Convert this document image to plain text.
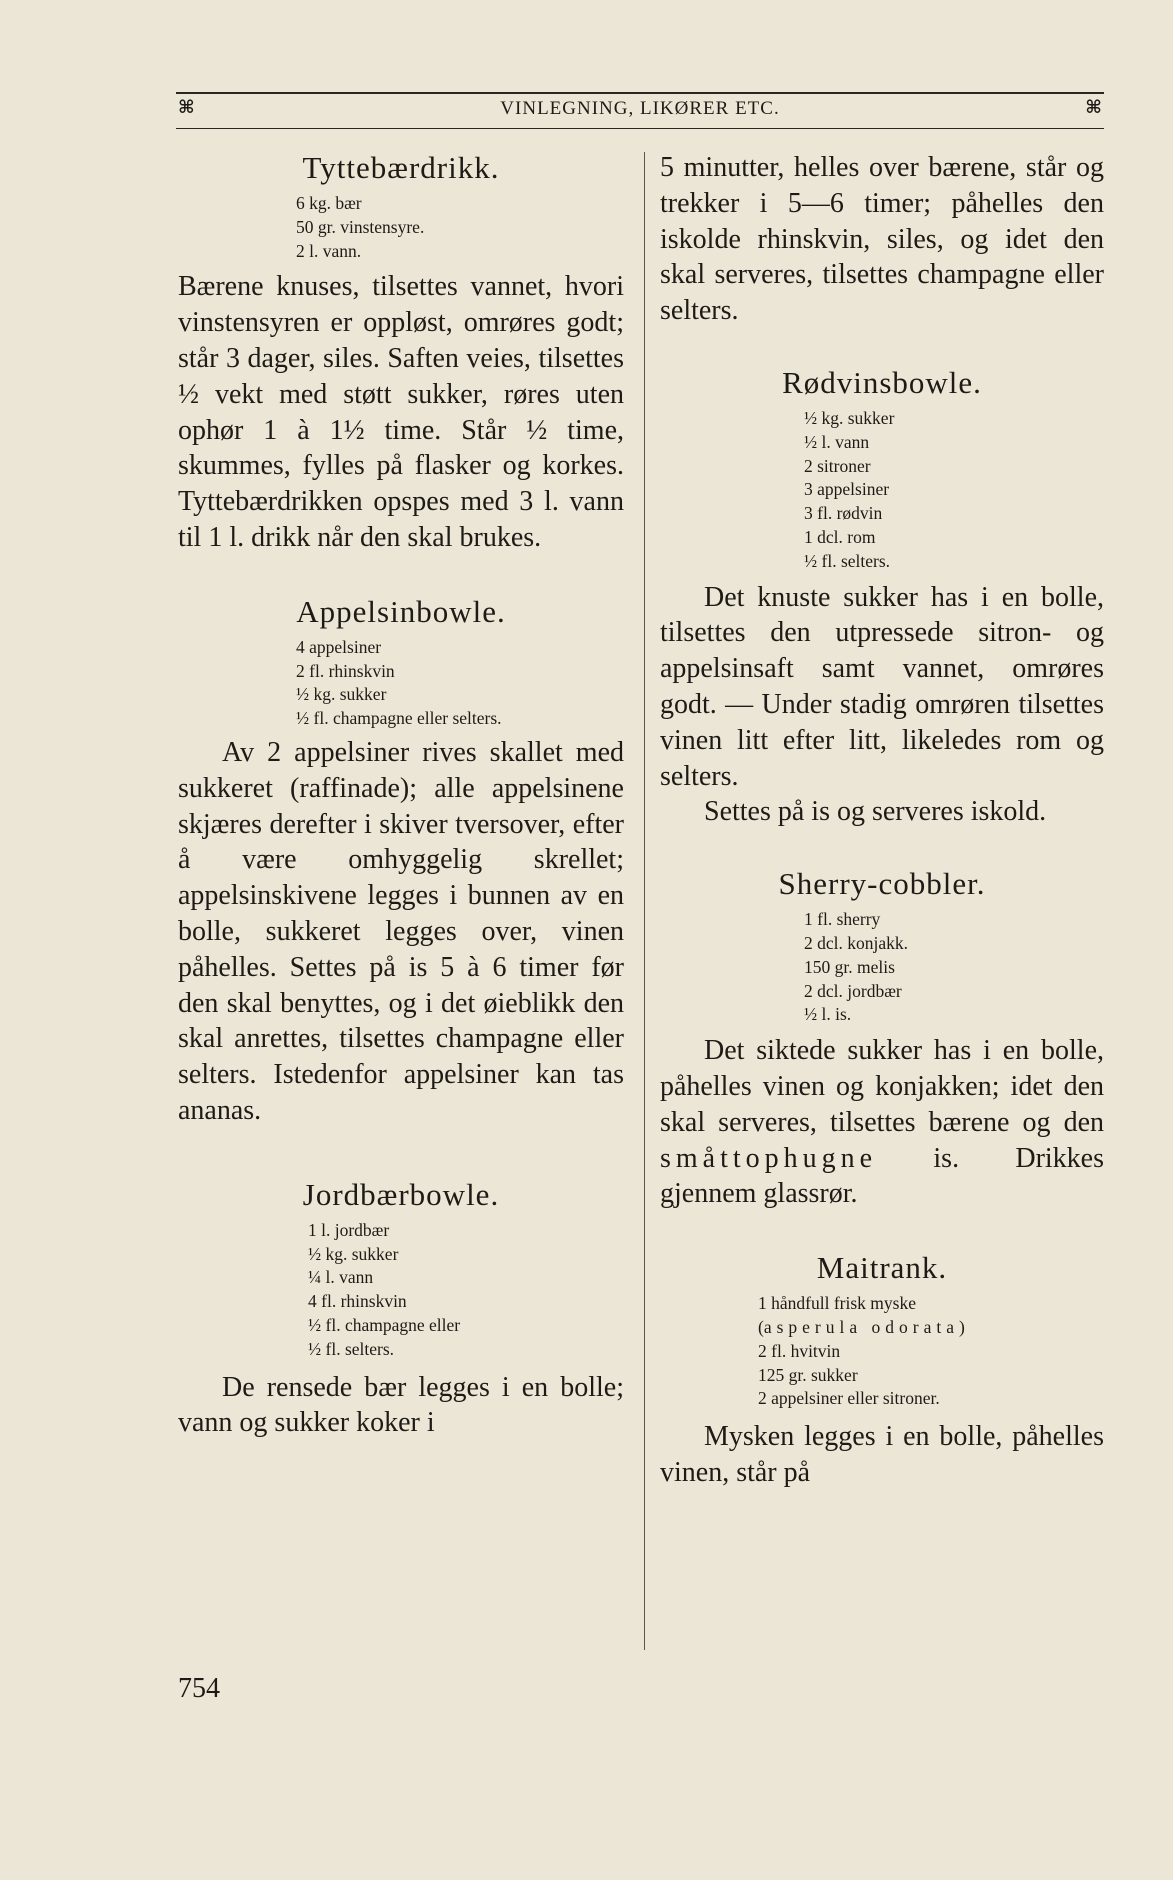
⌘	VINLEGNING, LIKØRER ETC.	⌘
Tyttebærdrikk.
6 kg. bær
50 gr. vinstensyre.
2 l. vann.

Bærene knuses, tilsettes vannet, hvori vinstensyren er oppløst, omrøres godt; står 3 dager, siles. Saften veies, tilsettes ½ vekt med støtt sukker, røres uten ophør 1 à 1½ time. Står ½ time, skummes, fylles på flasker og korkes. Tyttebærdrikken opspes med 3 l. vann til 1 l. drikk når den skal brukes.

Appelsinbowle.
4 appelsiner
2 fl. rhinskvin
½ kg. sukker
½ fl. champagne eller selters.

Av 2 appelsiner rives skallet med sukkeret (raffinade); alle appelsinene skjæres derefter i skiver tversover, efter å være omhyggelig skrellet; appelsinskivene legges i bunnen av en bolle, sukkeret legges over, vinen påhelles. Settes på is 5 à 6 timer før den skal benyttes, og i det øieblikk den skal anrettes, tilsettes champagne eller selters. Istedenfor appelsiner kan tas ananas.

Jordbærbowle.
1 l. jordbær
½ kg. sukker
¼ l. vann
4 fl. rhinskvin
½ fl. champagne eller
½ fl. selters.

De rensede bær legges i en bolle; vann og sukker koker i

5 minutter, helles over bærene, står og trekker i 5—6 timer; påhelles den iskolde rhinskvin, siles, og idet den skal serveres, tilsettes champagne eller selters.

Rødvinsbowle.
½ kg. sukker
½ l. vann
2 sitroner
3 appelsiner
3 fl. rødvin
1 dcl. rom
½ fl. selters.

Det knuste sukker has i en bolle, tilsettes den utpressede sitron- og appelsinsaft samt vannet, omrøres godt. — Under stadig omrøren tilsettes vinen litt efter litt, likeledes rom og selters.

Settes på is og serveres iskold.

Sherry-cobbler.
1 fl. sherry
2 dcl. konjakk.
150 gr. melis
2 dcl. jordbær
½ l. is.

Det siktede sukker has i en bolle, påhelles vinen og konjakken; idet den skal serveres, tilsettes bærene og den småttophugne is. Drikkes gjennem glassrør.

Maitrank.
1 håndfull frisk myske
(asperula odorata)
2 fl. hvitvin
125 gr. sukker
2 appelsiner eller sitroner.

Mysken legges i en bolle, påhelles vinen, står på

754
